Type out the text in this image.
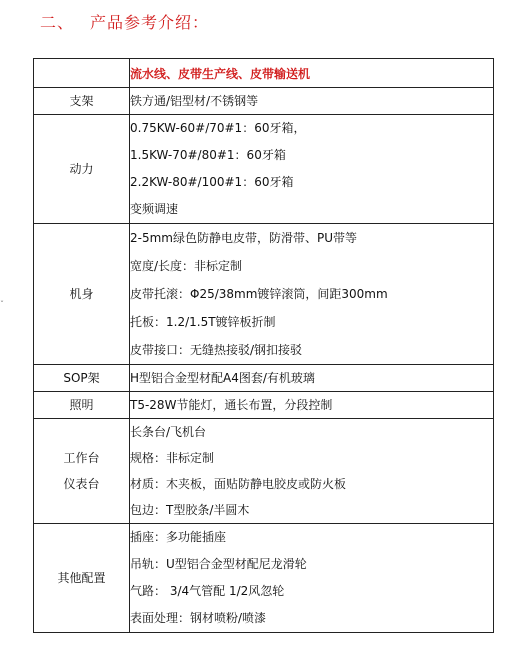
二、 产品参考介绍：
ˇ
	流水线、皮带生产线、皮带输送机

支架	铁方通/铝型材/不锈钢等

动力	0.75KW-60#/70#1：60牙箱，
1.5KW-70#/80#1：60牙箱
2.2KW-80#/100#1：60牙箱
变频调速

机身	2-5mm绿色防静电皮带，防滑带、PU带等
宽度/长度：非标定制
皮带托滚：Φ25/38mm镀锌滚筒，间距300mm
托板：1.2/1.5T镀锌板折制
皮带接口：无缝热接驳/钢扣接驳

SOP架	H型铝合金型材配A4图套/有机玻璃

照明	T5-28W节能灯，通长布置，分段控制

工作台
仪表台	长条台/飞机台
规格：非标定制
材质：木夹板，面贴防静电胶皮或防火板
包边：T型胶条/半圆木

其他配置	插座：多功能插座
吊轨：U型铝合金型材配尼龙滑轮
气路： 3/4气管配 1/2风忽轮
表面处理：钢材喷粉/喷漆
